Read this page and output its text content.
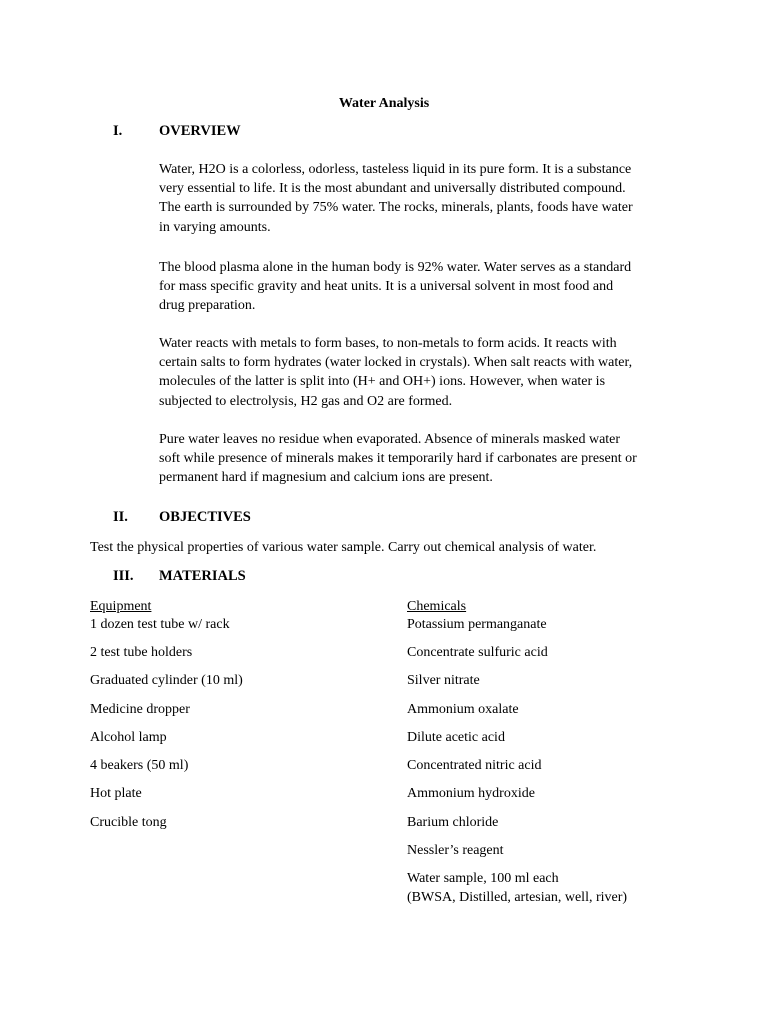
Water Analysis
I.	OVERVIEW

Water, H2O is a colorless, odorless, tasteless liquid in its pure form. It is a substance
very essential to life. It is the most abundant and universally distributed compound.
The earth is surrounded by 75% water. The rocks, minerals, plants, foods have water
in varying amounts.

The blood plasma alone in the human body is 92% water. Water serves as a standard
for mass specific gravity and heat units. It is a universal solvent in most food and
drug preparation.

Water reacts with metals to form bases, to non-metals to form acids. It reacts with
certain salts to form hydrates (water locked in crystals). When salt reacts with water,
molecules of the latter is split into (H+ and OH+) ions. However, when water is
subjected to electrolysis, H2 gas and O2 are formed.

Pure water leaves no residue when evaporated. Absence of minerals masked water
soft while presence of minerals makes it temporarily hard if carbonates are present or
permanent hard if magnesium and calcium ions are present.

II. OBJECTIVES

Test the physical properties of various water sample. Carry out chemical analysis of water.

III. MATERIALS
Equipment	Chemicals

1 dozen test tube w/ rack

2 test tube holders

Graduated cylinder (10 ml)

Medicine dropper

Alcohol lamp

4 beakers (50 ml)

Hot plate

Crucible tong

Potassium permanganate

Concentrate sulfuric acid

Silver nitrate

Ammonium oxalate

Dilute acetic acid

Concentrated nitric acid

Ammonium hydroxide

Barium chloride

Nessler’s reagent

Water sample, 100 ml each
(BWSA, Distilled, artesian, well, river)
